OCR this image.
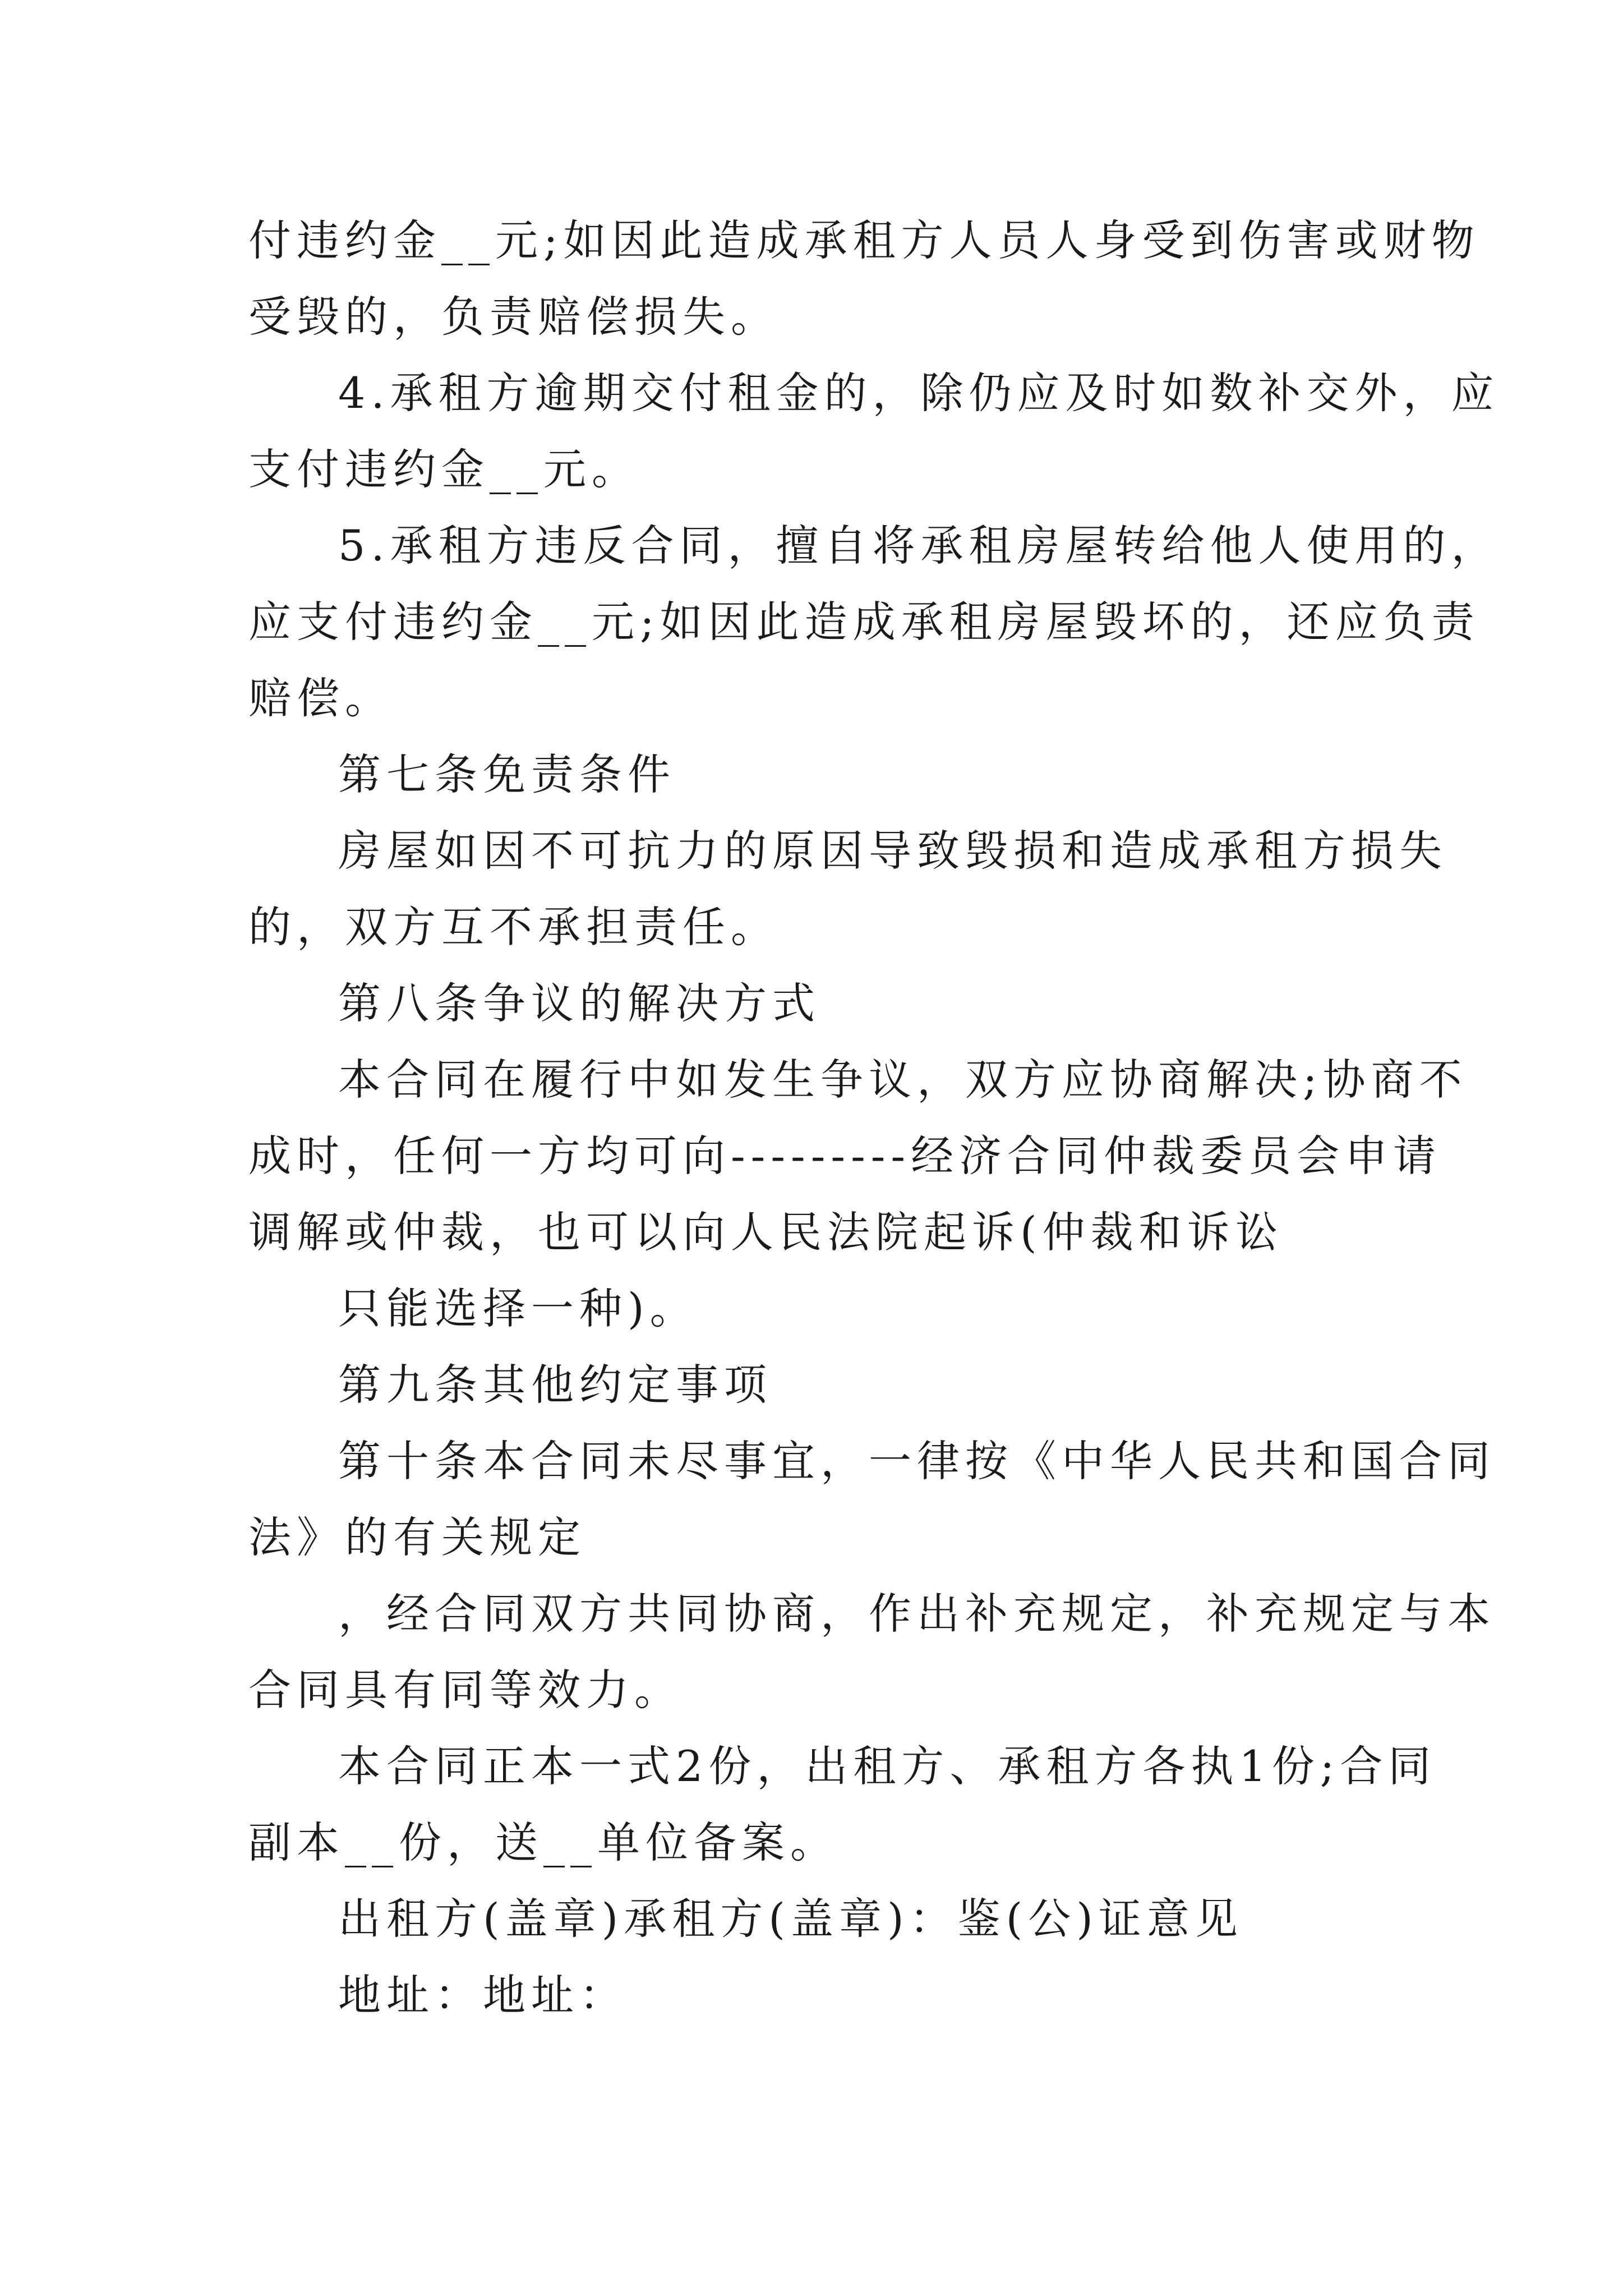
付违约金__元;如因此造成承租方人员人身受到伤害或财物
受毁的，负责赔偿损失。
4.承租方逾期交付租金的，除仍应及时如数补交外，应
支付违约金__元。
5.承租方违反合同，擅自将承租房屋转给他人使用的，
应支付违约金__元;如因此造成承租房屋毁坏的，还应负责
赔偿。
第七条免责条件
房屋如因不可抗力的原因导致毁损和造成承租方损失
的，双方互不承担责任。
第八条争议的解决方式
本合同在履行中如发生争议，双方应协商解决;协商不
成时，任何一方均可向---------经济合同仲裁委员会申请
调解或仲裁，也可以向人民法院起诉(仲裁和诉讼
只能选择一种)。
第九条其他约定事项
第十条本合同未尽事宜，一律按《中华人民共和国合同
法》的有关规定
，经合同双方共同协商，作出补充规定，补充规定与本
合同具有同等效力。
本合同正本一式2份，出租方、承租方各执1份;合同
副本__份，送__单位备案。
出租方(盖章)承租方(盖章)：鉴(公)证意见
地址：地址：
